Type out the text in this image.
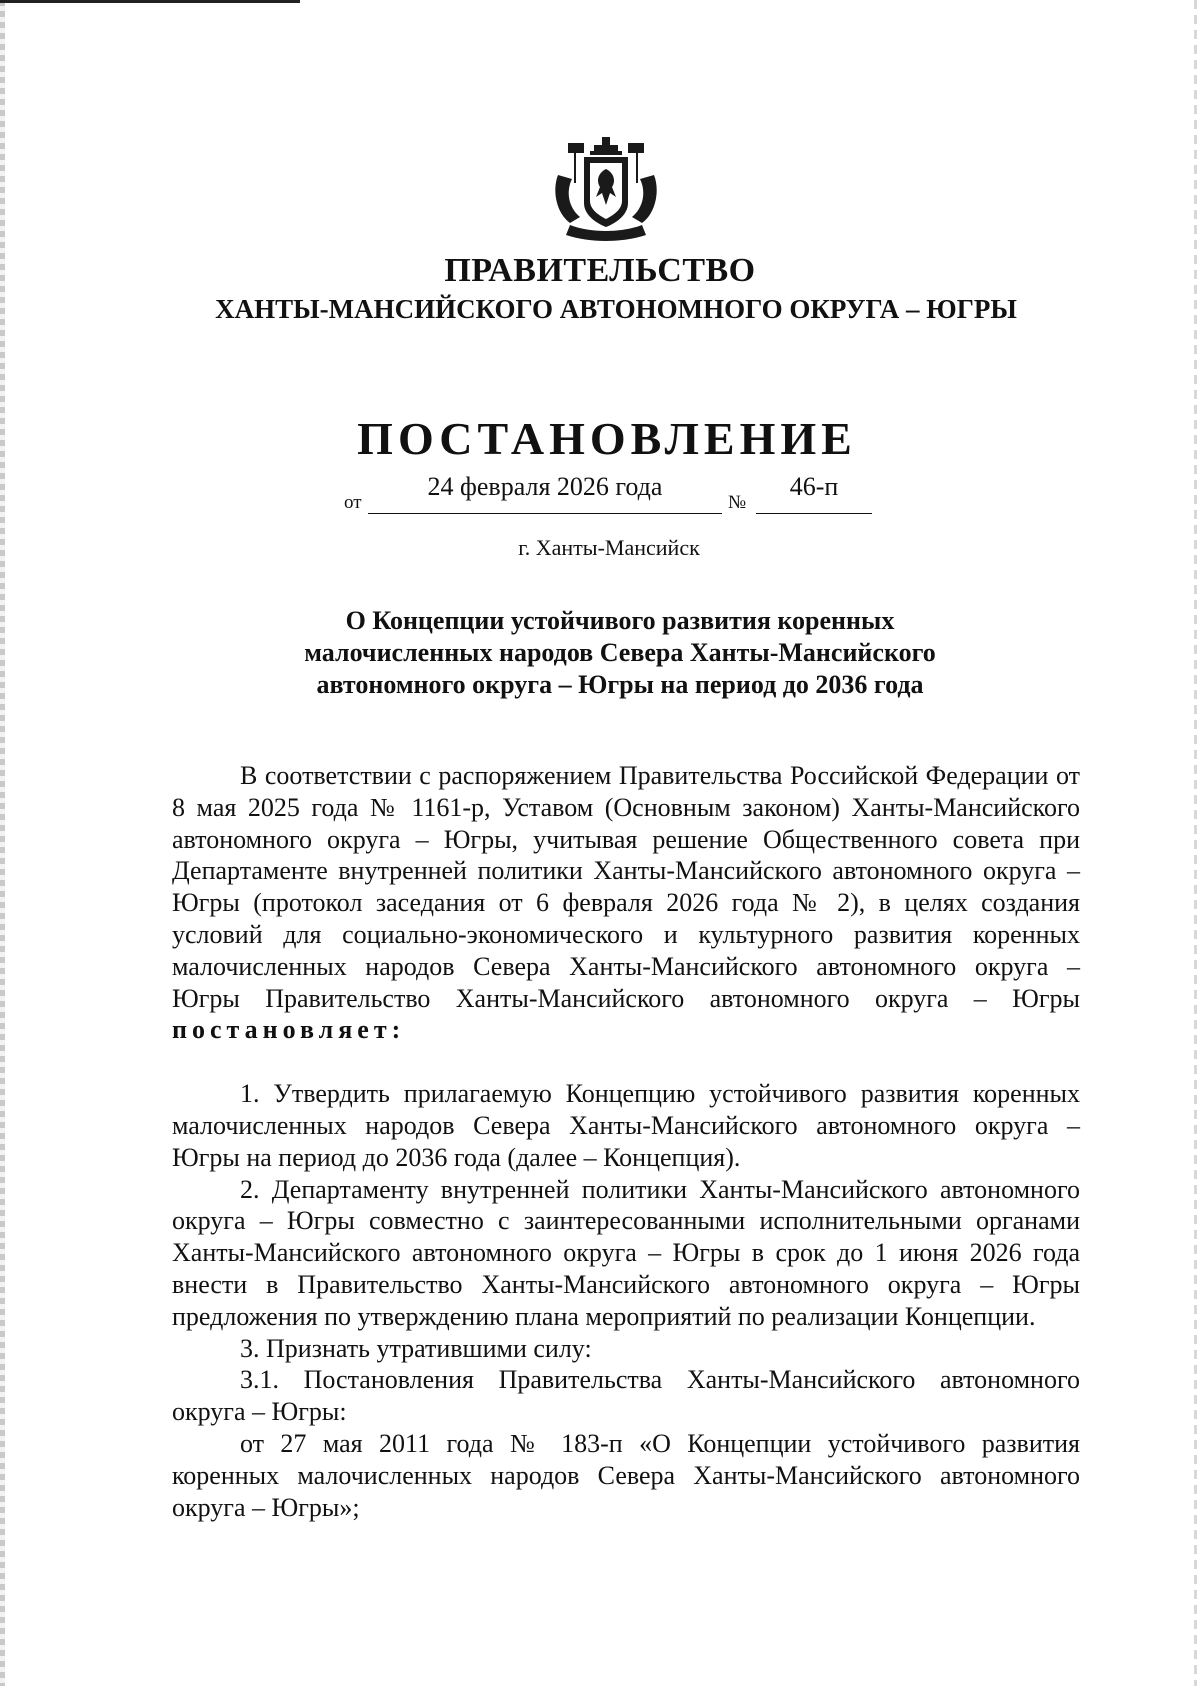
ПРАВИТЕЛЬСТВО
ХАНТЫ-МАНСИЙСКОГО АВТОНОМНОГО ОКРУГА – ЮГРЫ
ПОСТАНОВЛЕНИЕ
от
24 февраля 2026 года
№
46-п
г. Ханты-Мансийск
О Концепции устойчивого развития коренных
малочисленных народов Севера Ханты-Мансийского
автономного округа – Югры на период до 2036 года

В соответствии с распоряжением Правительства Российской Федерации от 8 мая 2025 года № 1161-р, Уставом (Основным законом) Ханты-Мансийского автономного округа – Югры, учитывая решение Общественного совета при Департаменте внутренней политики Ханты-Мансийского автономного округа – Югры (протокол заседания от 6 февраля 2026 года № 2), в целях создания условий для социально-экономического и культурного развития коренных малочисленных народов Севера Ханты-Мансийского автономного округа – Югры Правительство Ханты-Мансийского автономного округа – Югры постановляет:

1. Утвердить прилагаемую Концепцию устойчивого развития коренных малочисленных народов Севера Ханты-Мансийского автономного округа – Югры на период до 2036 года (далее – Концепция).

2. Департаменту внутренней политики Ханты-Мансийского автономного округа – Югры совместно с заинтересованными исполнительными органами Ханты-Мансийского автономного округа – Югры в срок до 1 июня 2026 года внести в Правительство Ханты-Мансийского автономного округа – Югры предложения по утверждению плана мероприятий по реализации Концепции.

3. Признать утратившими силу:

3.1. Постановления Правительства Ханты-Мансийского автономного округа – Югры:

от 27 мая 2011 года № 183-п «О Концепции устойчивого развития коренных малочисленных народов Севера Ханты-Мансийского автономного округа – Югры»;
